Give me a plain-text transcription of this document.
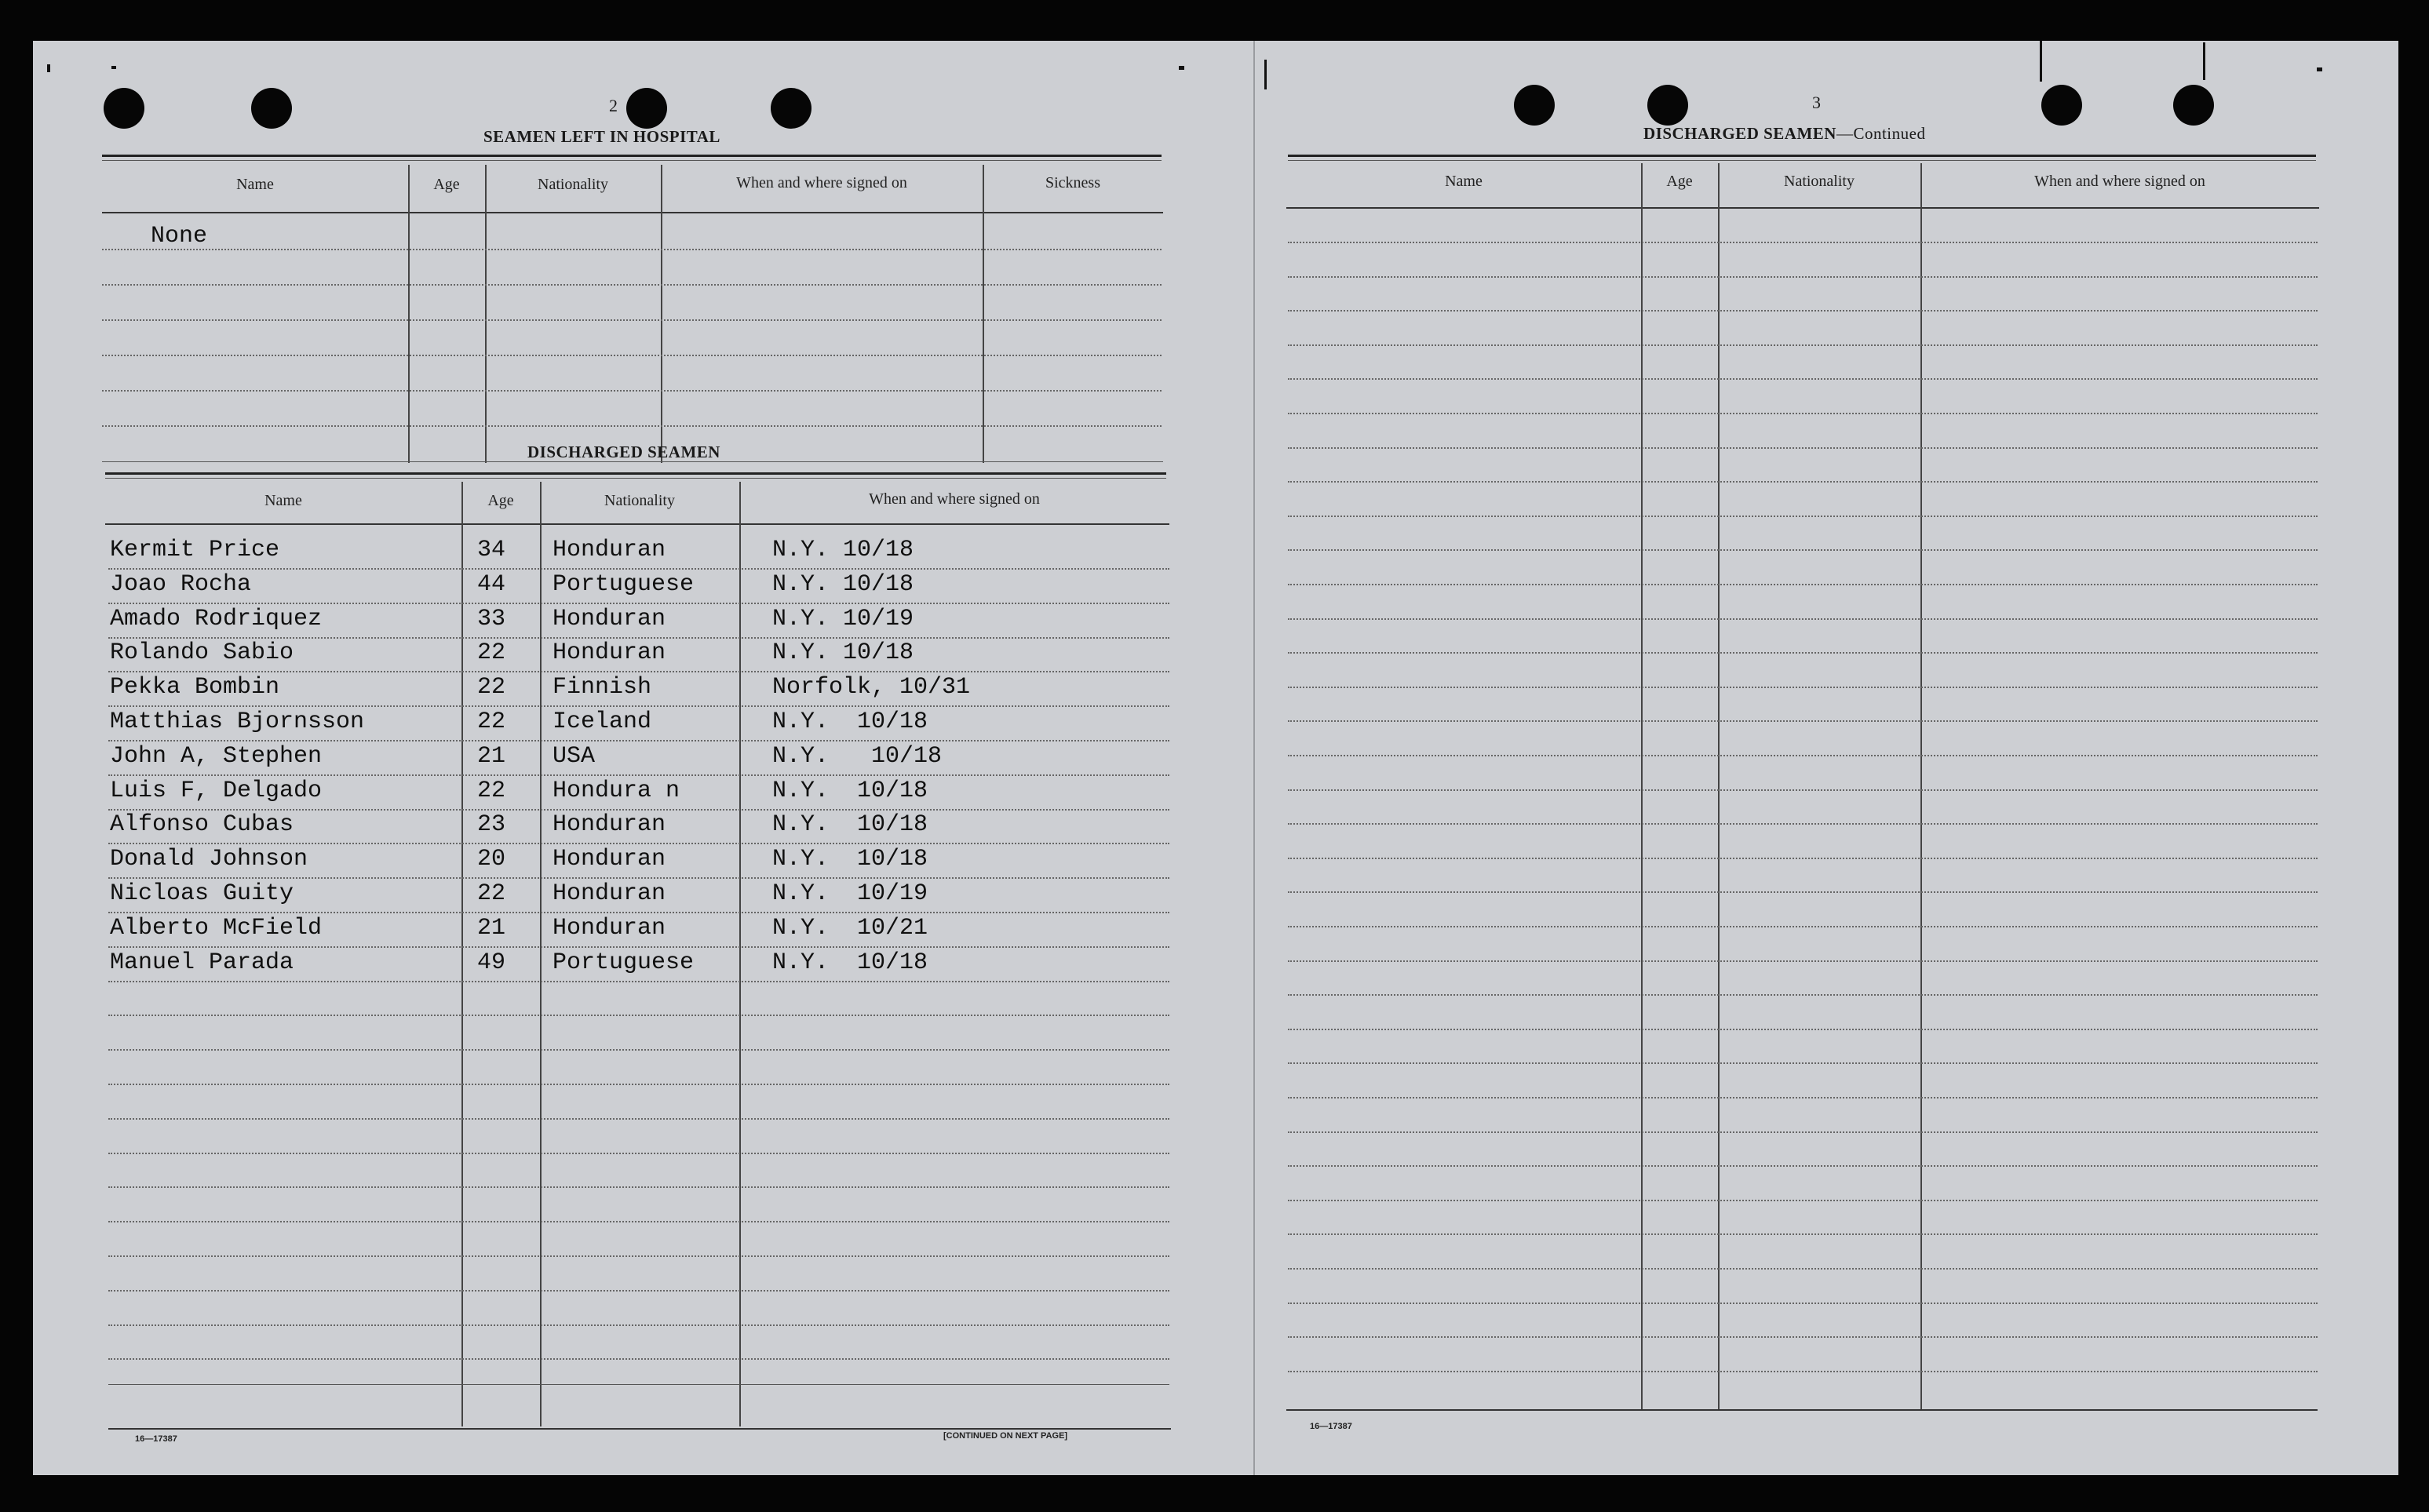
2
SEAMEN LEFT IN HOSPITAL
Name	Age	Nationality	When and where signed on	Sickness
None
DISCHARGED SEAMEN
Name	Age	Nationality	When and where signed on
Kermit Price	34 Honduran	N.Y. 10/18
Joao Rocha	44 Portuguese	N.Y. 10/18
Amado Rodriquez	33 Honduran	N.Y. 10/19
Rolando Sabio	22 Honduran	N.Y. 10/18
Pekka Bombin	22 Finnish	Norfolk, 10/31
Matthias Bjornsson	22 Iceland	N.Y.  10/18
John A, Stephen	21 USA	N.Y.   10/18
Luis F, Delgado	22 Hondura n	N.Y.  10/18
Alfonso Cubas	23 Honduran	N.Y.  10/18
Donald Johnson	20 Honduran	N.Y.  10/18
Nicloas Guity	22 Honduran	N.Y.  10/19
Alberto McField	21 Honduran	N.Y.  10/21
Manuel Parada	49 Portuguese	N.Y.  10/18
16—17387	[CONTINUED ON NEXT PAGE]
3
DISCHARGED SEAMEN—Continued
Name	Age	Nationality	When and where signed on
16—17387
